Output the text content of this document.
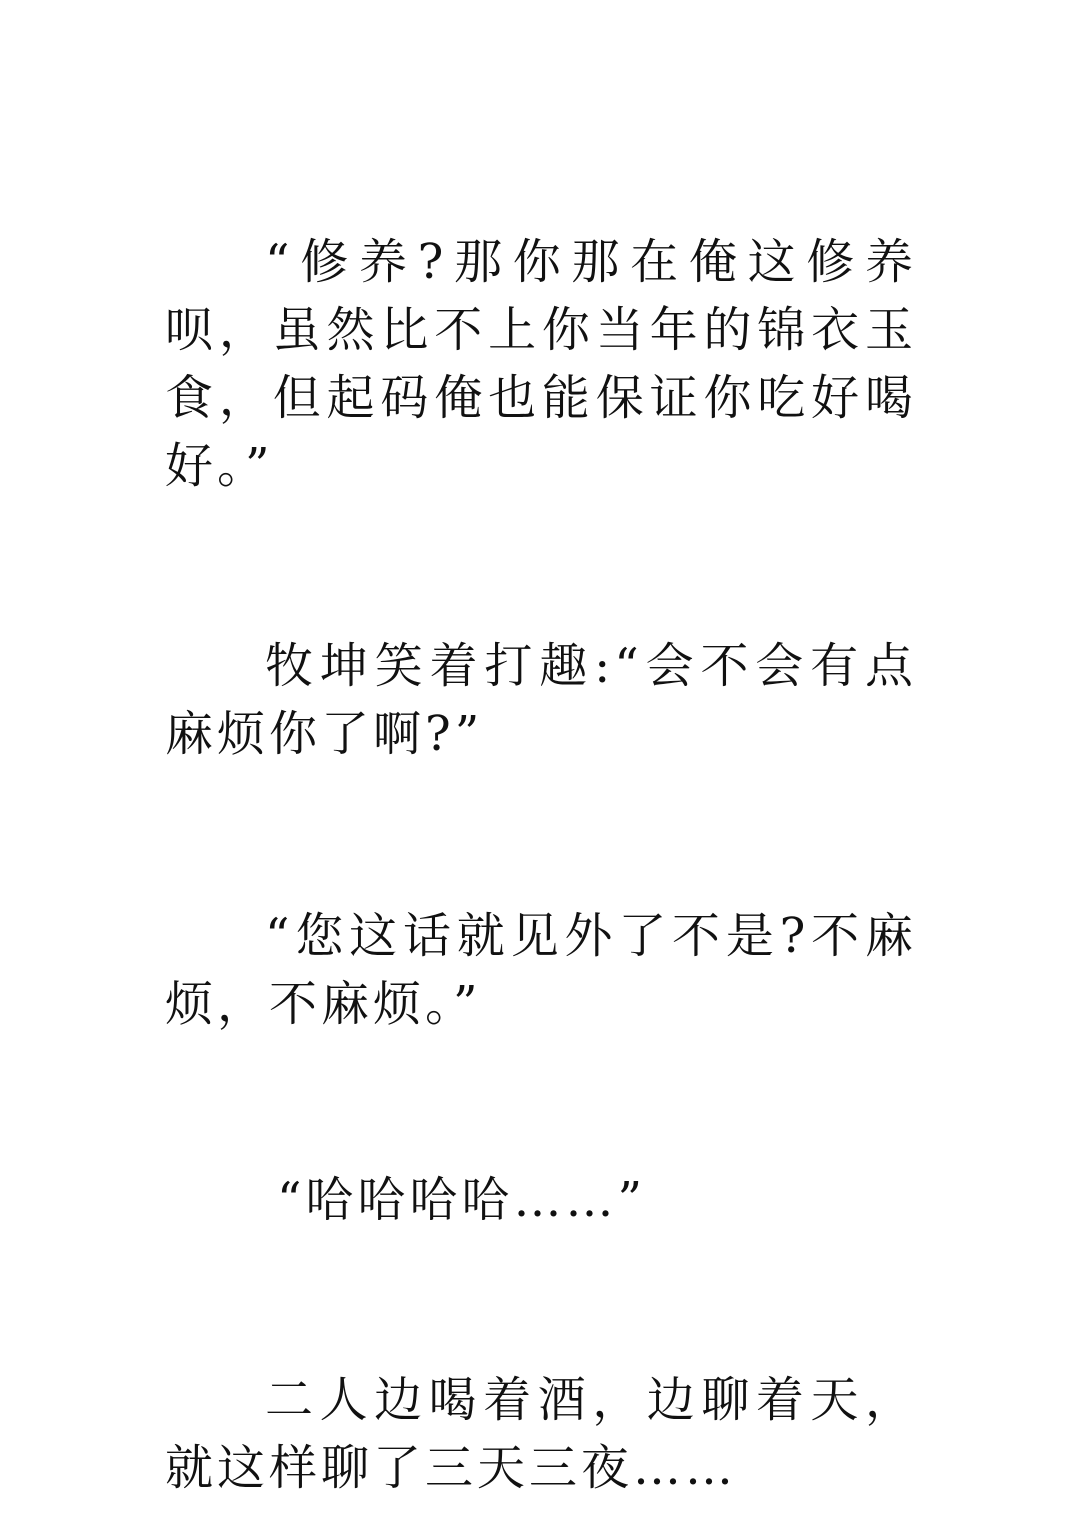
“修养?那你那在俺这修养呗，虽然比不上你当年的锦衣玉食，但起码俺也能保证你吃好喝好。”

牧坤笑着打趣:“会不会有点麻烦你了啊?”

“您这话就见外了不是?不麻烦，不麻烦。”

“哈哈哈哈……”

二人边喝着酒，边聊着天，就这样聊了三天三夜……
